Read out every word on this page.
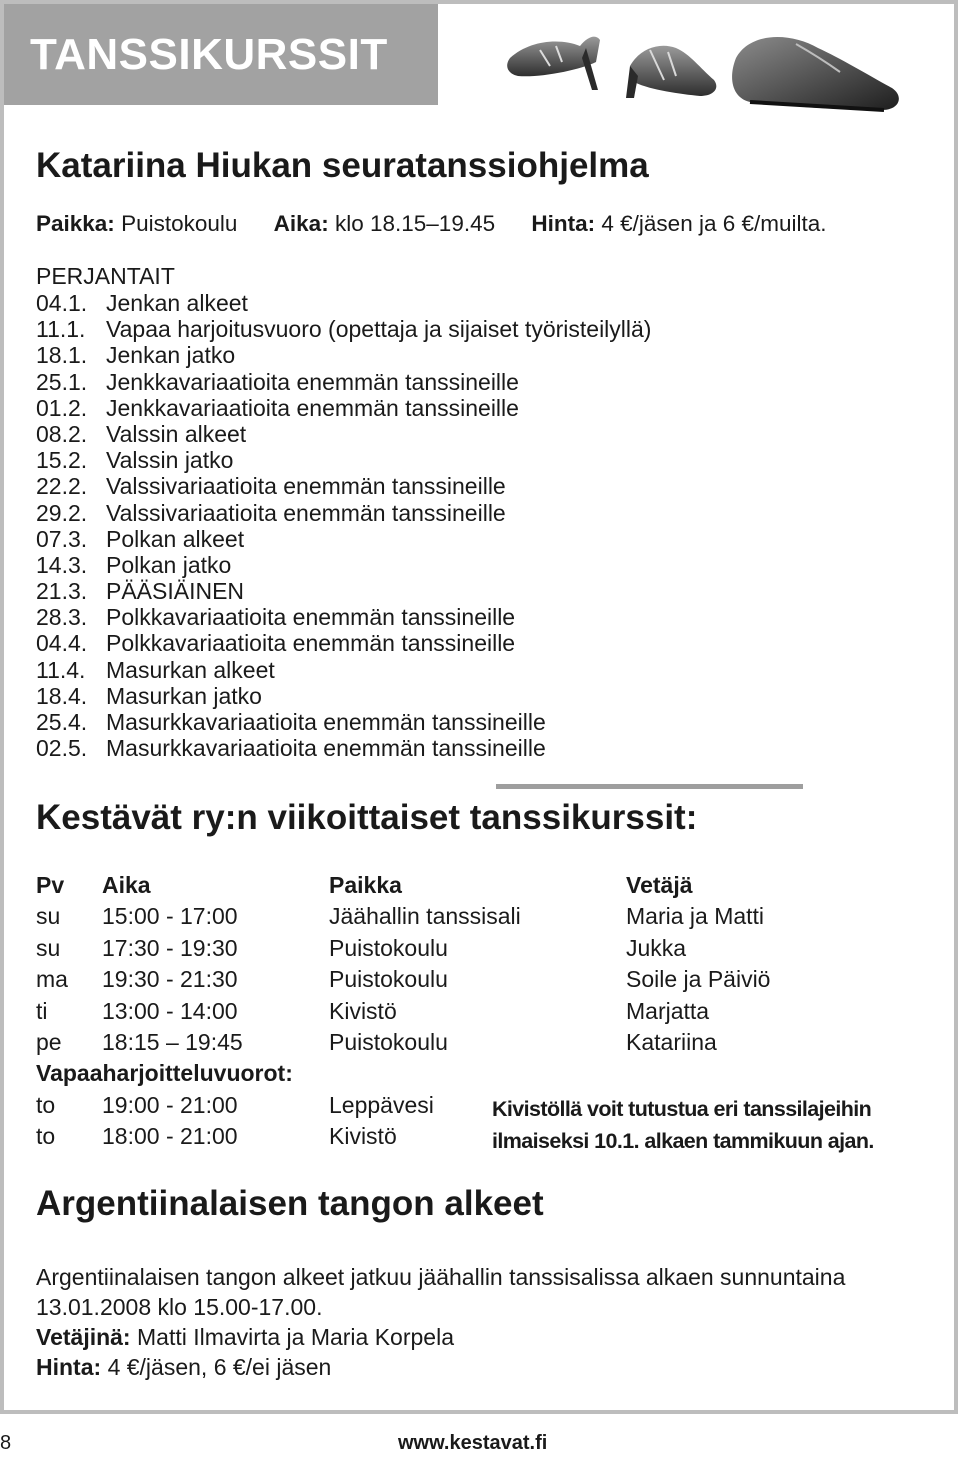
TANSSIKURSSIT
Katariina Hiukan seuratanssiohjelma
Paikka: Puistokoulu Aika: klo 18.15–19.45 Hinta: 4 €/jäsen ja 6 €/muilta.
PERJANTAIT
04.1. Jenkan alkeet
11.1. Vapaa harjoitusvuoro (opettaja ja sijaiset työristeilyllä)
18.1. Jenkan jatko
25.1. Jenkkavariaatioita enemmän tanssineille
01.2. Jenkkavariaatioita enemmän tanssineille
08.2. Valssin alkeet
15.2. Valssin jatko
22.2. Valssivariaatioita enemmän tanssineille
29.2. Valssivariaatioita enemmän tanssineille
07.3. Polkan alkeet
14.3. Polkan jatko
21.3. PÄÄSIÄINEN
28.3. Polkkavariaatioita enemmän tanssineille
04.4. Polkkavariaatioita enemmän tanssineille
11.4. Masurkan alkeet
18.4. Masurkan jatko
25.4. Masurkkavariaatioita enemmän tanssineille
02.5. Masurkkavariaatioita enemmän tanssineille
Kestävät ry:n viikoittaiset tanssikurssit:
Pv Aika	Paikka	Vetäjä
su 15:00 - 17:00	Jäähallin tanssisali	Maria ja Matti
su 17:30 - 19:30	Puistokoulu	Jukka
ma 19:30 - 21:30	Puistokoulu	Soile ja Päiviö
ti 13:00 - 14:00	Kivistö	Marjatta
pe 18:15 – 19:45	Puistokoulu	Katariina
Vapaaharjoitteluvuorot:
to 19:00 - 21:00	Leppävesi
to 18:00 - 21:00	Kivistö
Kivistöllä voit tutustua eri tanssilajeihin
ilmaiseksi 10.1. alkaen tammikuun ajan.
Argentiinalaisen tangon alkeet

Argentiinalaisen tangon alkeet jatkuu jäähallin tanssisalissa alkaen sunnuntaina 13.01.2008 klo 15.00-17.00.

Vetäjinä: Matti Ilmavirta ja Maria Korpela

Hinta: 4 €/jäsen, 6 €/ei jäsen

8	www.kestavat.fi
